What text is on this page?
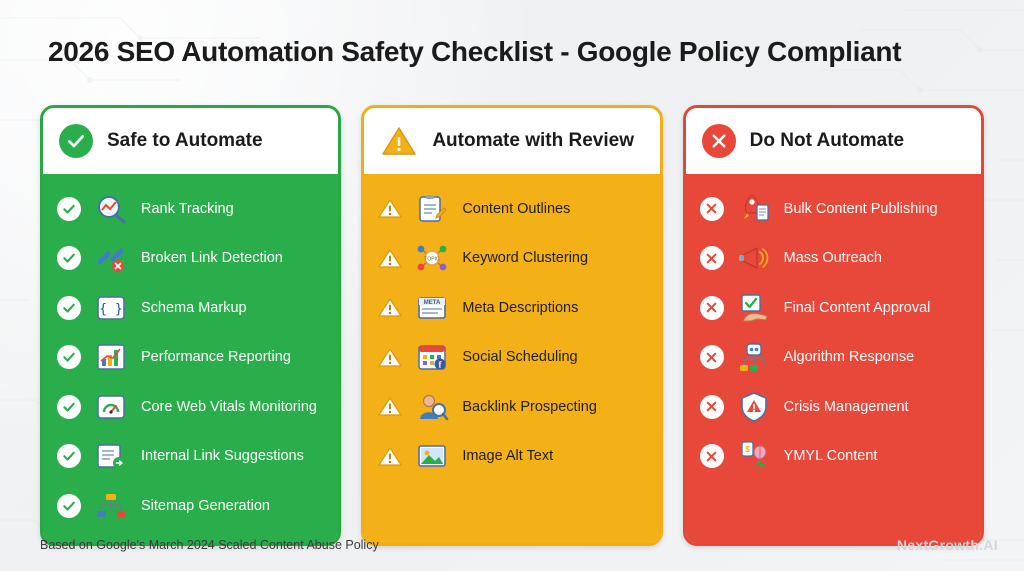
2026 SEO Automation Safety Checklist - Google Policy Compliant
Safe to Automate
Rank Tracking
Broken Link Detection
{ } Schema Markup
Performance Reporting
Core Web Vitals Monitoring
Internal Link Suggestions
Sitemap Generation
Automate with Review
Content Outlines
TOPIC Keyword Clustering
META Meta Descriptions
f Social Scheduling
Backlink Prospecting
Image Alt Text
Do Not Automate
Bulk Content Publishing
Mass Outreach
Final Content Approval
Algorithm Response
Crisis Management
$ YMYL Content
Based on Google's March 2024 Scaled Content Abuse Policy	NextGrowth.AI
